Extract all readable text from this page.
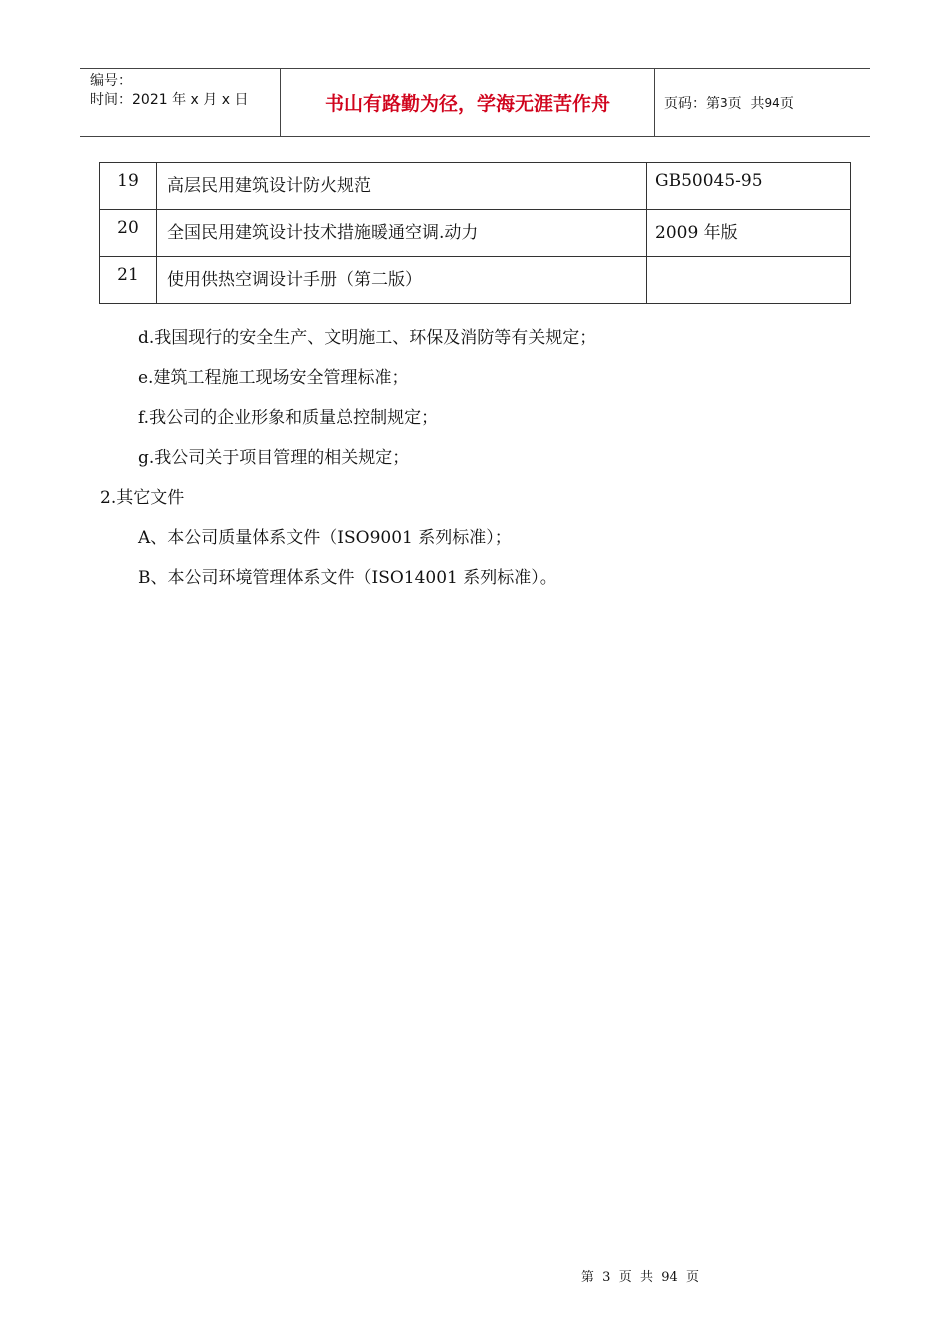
编号：
时间：2021 年 x 月 x 日	书山有路勤为径，学海无涯苦作舟	页码：第 3 页  共 94 页
19	高层民用建筑设计防火规范	GB50045-95
20	全国民用建筑设计技术措施暖通空调.动力	2009 年版
21	使用供热空调设计手册（第二版）	
d.我国现行的安全生产、文明施工、环保及消防等有关规定；
e.建筑工程施工现场安全管理标准；
f.我公司的企业形象和质量总控制规定；
g.我公司关于项目管理的相关规定；
2.其它文件
A、本公司质量体系文件（ISO9001 系列标准）；
B、本公司环境管理体系文件（ISO14001 系列标准）。
第  3  页  共  94  页
